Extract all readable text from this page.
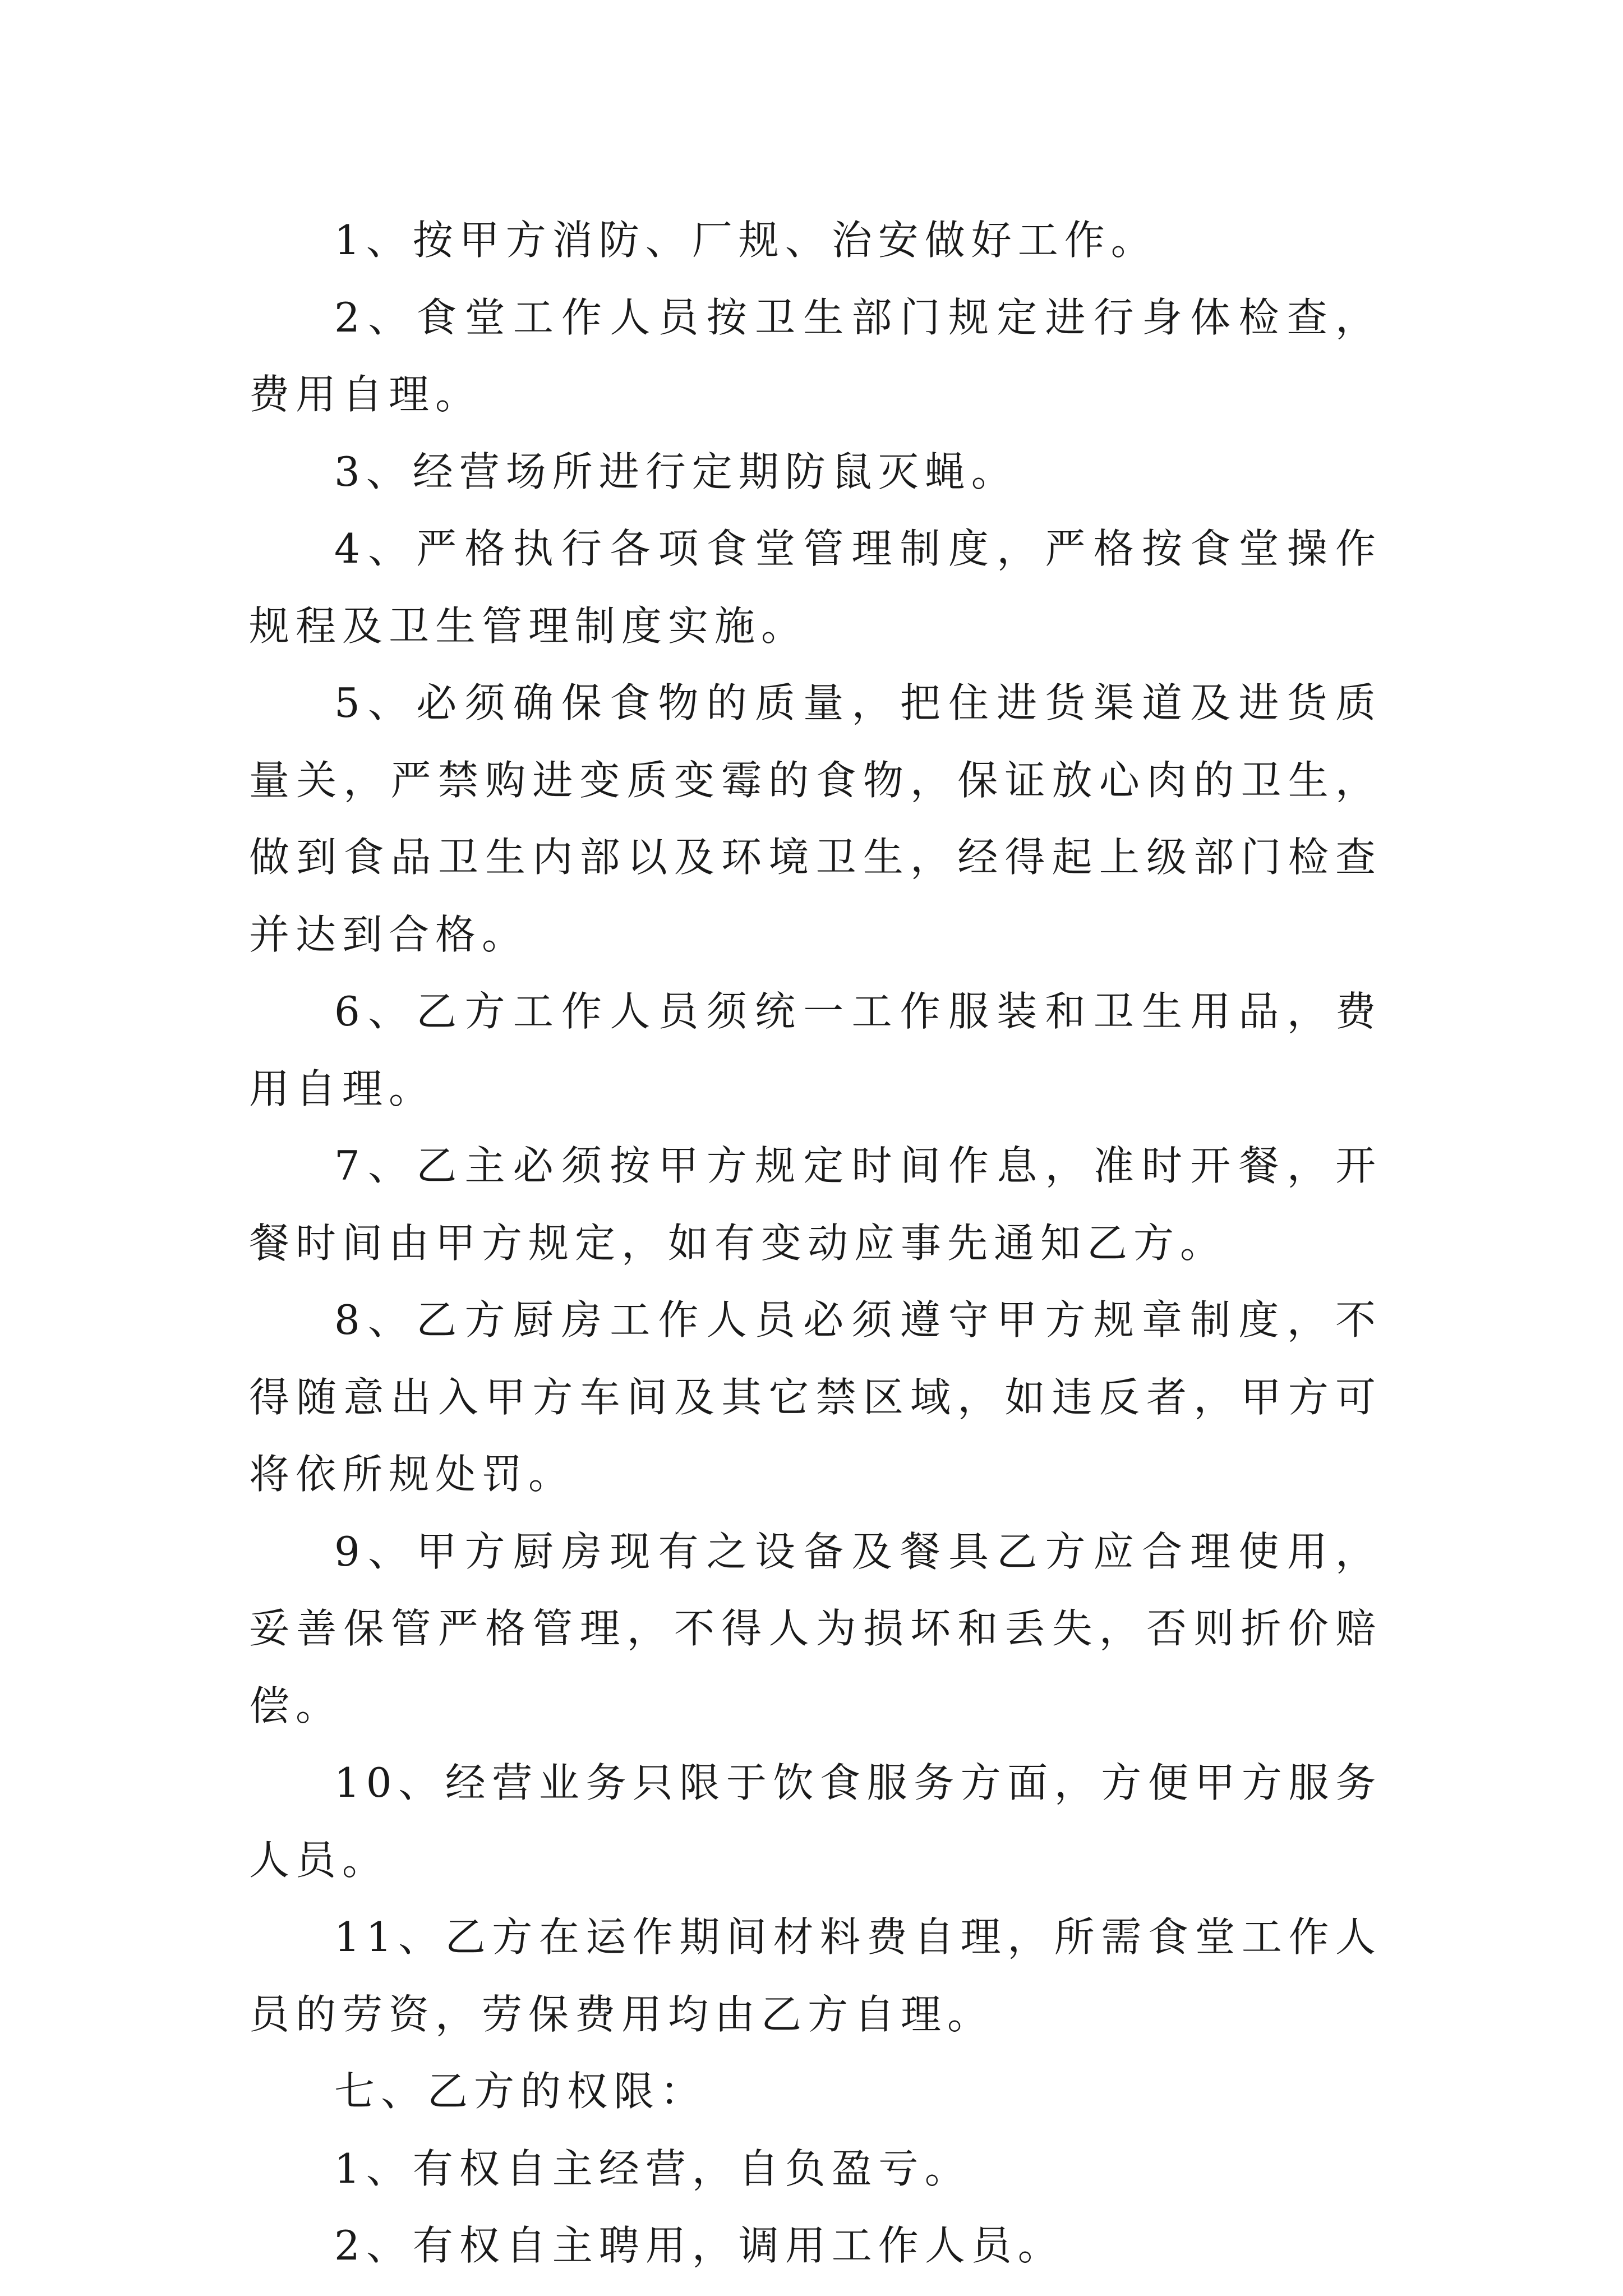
1、按甲方消防、厂规、治安做好工作。

2、食堂工作人员按卫生部门规定进行身体检查，费用自理。

3、经营场所进行定期防鼠灭蝇。

4、严格执行各项食堂管理制度，严格按食堂操作规程及卫生管理制度实施。

5、必须确保食物的质量，把住进货渠道及进货质量关，严禁购进变质变霉的食物，保证放心肉的卫生，做到食品卫生内部以及环境卫生，经得起上级部门检查并达到合格。

6、乙方工作人员须统一工作服装和卫生用品，费用自理。

7、乙主必须按甲方规定时间作息，准时开餐，开餐时间由甲方规定，如有变动应事先通知乙方。

8、乙方厨房工作人员必须遵守甲方规章制度，不得随意出入甲方车间及其它禁区域，如违反者，甲方可将依所规处罚。

9、甲方厨房现有之设备及餐具乙方应合理使用，妥善保管严格管理，不得人为损坏和丢失，否则折价赔偿。

10、经营业务只限于饮食服务方面，方便甲方服务人员。

11、乙方在运作期间材料费自理，所需食堂工作人员的劳资，劳保费用均由乙方自理。

七、乙方的权限：

1、有权自主经营，自负盈亏。

2、有权自主聘用，调用工作人员。
